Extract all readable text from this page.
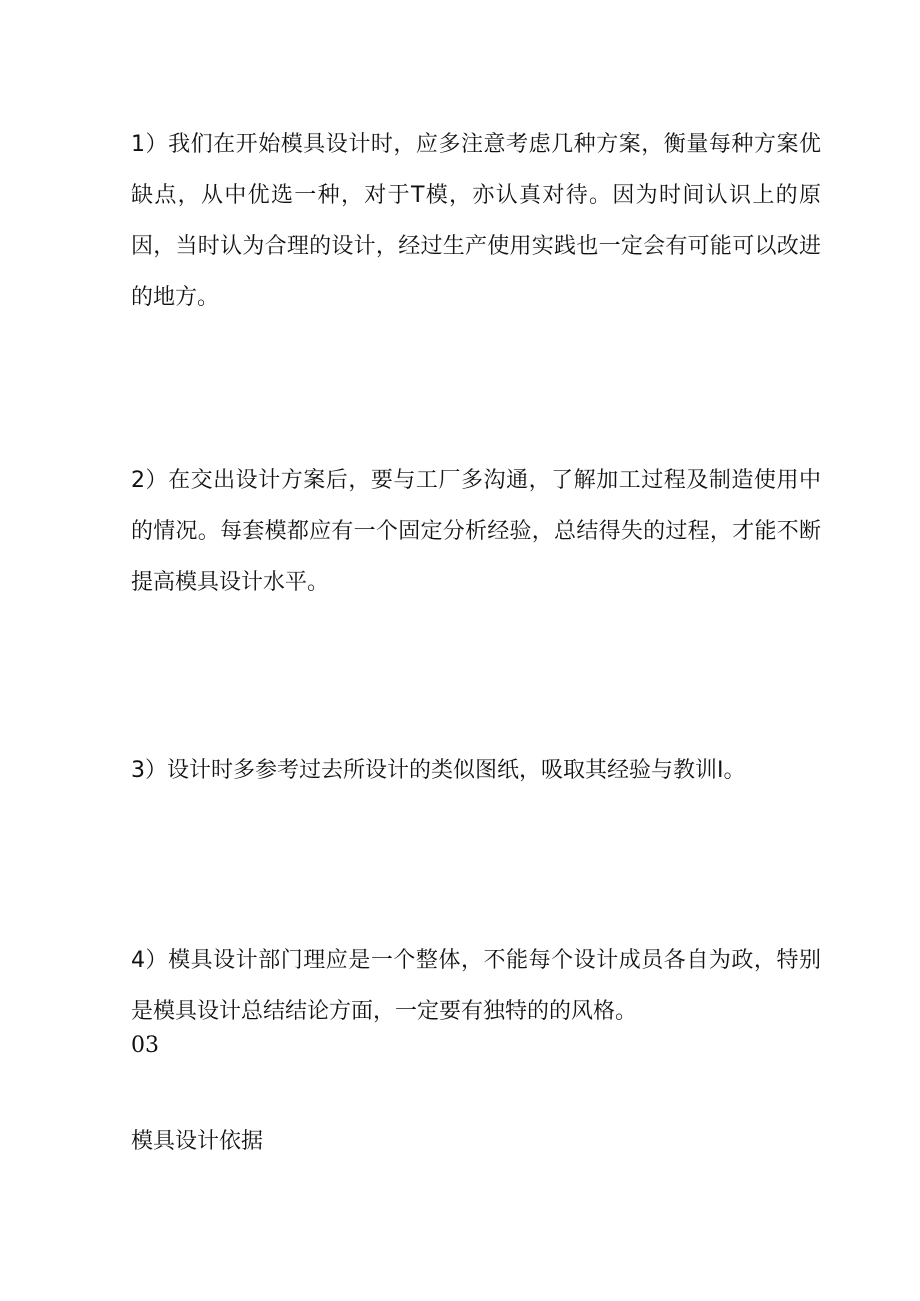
1）我们在开始模具设计时，应多注意考虑几种方案，衡量每种方案优缺点，从中优选一种，对于T模，亦认真对待。因为时间认识上的原因，当时认为合理的设计，经过生产使用实践也一定会有可能可以改进的地方。

2）在交出设计方案后，要与工厂多沟通，了解加工过程及制造使用中的情况。每套模都应有一个固定分析经验，总结得失的过程，才能不断提高模具设计水平。

3）设计时多参考过去所设计的类似图纸，吸取其经验与教训I。

4）模具设计部门理应是一个整体，不能每个设计成员各自为政，特别是模具设计总结结论方面，一定要有独特的的风格。

03
模具设计依据
